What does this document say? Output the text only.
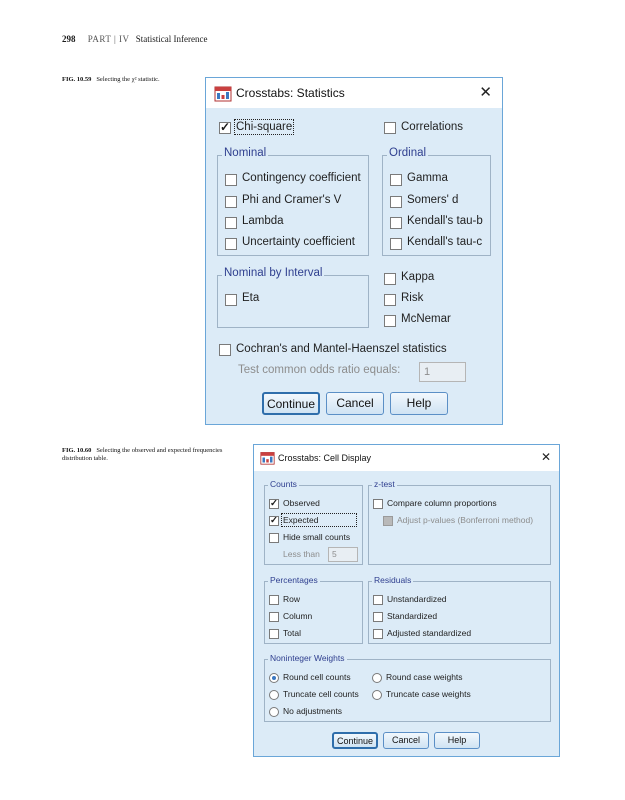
298 PART | IV Statistical Inference
FIG. 10.59 Selecting the χ² statistic.
FIG. 10.60 Selecting the observed and expected frequencies distribution table.
Crosstabs: Statistics	✕
✓
Chi-square	Correlations
Nominal
Contingency coefficient
Phi and Cramer's V
Lambda
Uncertainty coefficient
Ordinal
Gamma
Somers' d
Kendall's tau-b
Kendall's tau-c
Nominal by Interval
Eta
Kappa
Risk
McNemar
Cochran's and Mantel-Haenszel statistics
Test common odds ratio equals:	1
Continue	Cancel	Help
Crosstabs: Cell Display	✕
Counts
✓
Observed
✓
Expected
Hide small counts
Less than	5
z-test
Compare column proportions
Adjust p-values (Bonferroni method)
Percentages
Row
Column
Total
Residuals
Unstandardized
Standardized
Adjusted standardized
Noninteger Weights
Round cell counts	Round case weights
Truncate cell counts	Truncate case weights
No adjustments
Continue	Cancel	Help
